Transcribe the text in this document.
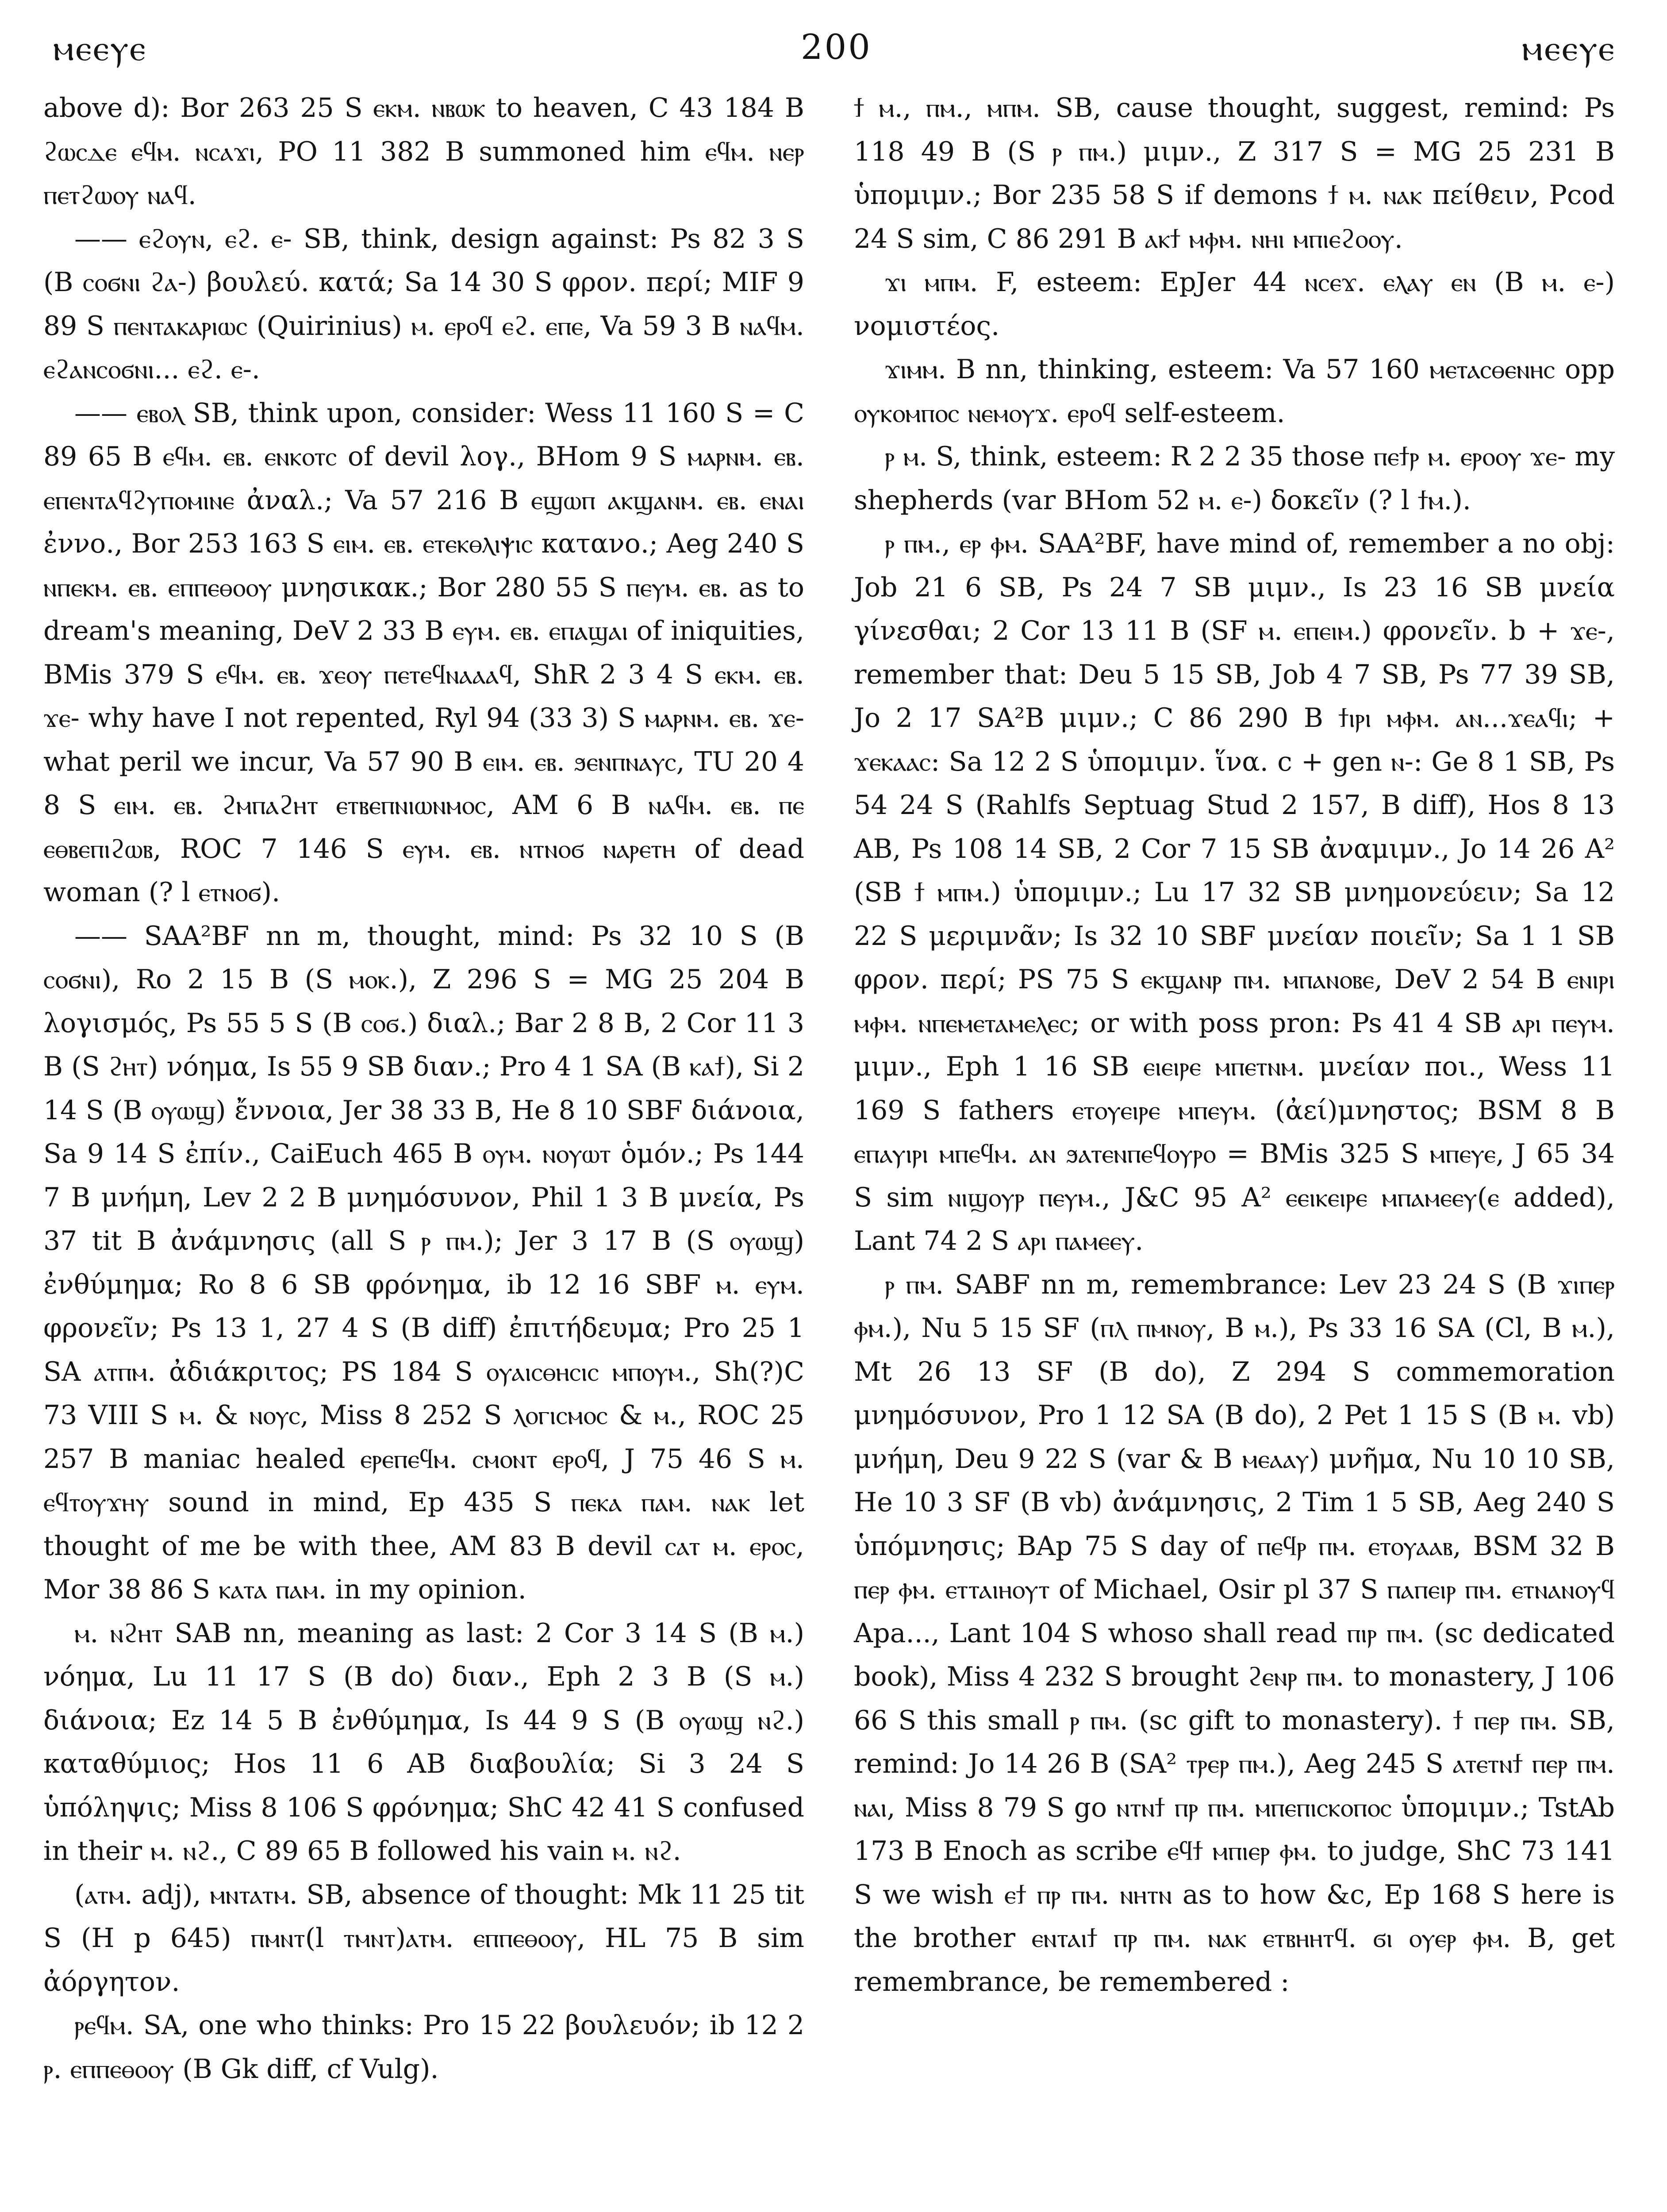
ⲙⲉⲉⲩⲉ	200	ⲙⲉⲉⲩⲉ

above d): Bor 263 25 S ⲉⲕⲙ. ⲛⲃⲱⲕ to heaven, C 43 184 B ϩⲱⲥⲇⲉ ⲉϥⲙ. ⲛⲥⲁϫⲓ, PO 11 382 B summoned him ⲉϥⲙ. ⲛⲉⲣ ⲡⲉⲧϩⲱⲟⲩ ⲛⲁϥ.

—— ⲉϩⲟⲩⲛ, ⲉϩ. ⲉ- SB, think, design against: Ps 82 3 S (B ⲥⲟϭⲛⲓ ϩⲁ-) βουλεύ. κατά; Sa 14 30 S φρον. περί; MIF 9 89 S ⲡⲉⲛⲧⲁⲕⲁⲣⲓⲱⲥ (Quirinius) ⲙ. ⲉⲣⲟϥ ⲉϩ. ⲉⲡⲉ, Va 59 3 B ⲛⲁϥⲙ. ⲉϩⲁⲛⲥⲟϭⲛⲓ... ⲉϩ. ⲉ-.

—— ⲉⲃⲟⲗ SB, think upon, consider: Wess 11 160 S = C 89 65 B ⲉϥⲙ. ⲉⲃ. ⲉⲛⲕⲟⲧⲥ of devil λογ., BHom 9 S ⲙⲁⲣⲛⲙ. ⲉⲃ. ⲉⲡⲉⲛⲧⲁϥϩⲩⲡⲟⲙⲓⲛⲉ ἀναλ.; Va 57 216 B ⲉϣⲱⲡ ⲁⲕϣⲁⲛⲙ. ⲉⲃ. ⲉⲛⲁⲓ ἐννο., Bor 253 163 S ⲉⲓⲙ. ⲉⲃ. ⲉⲧⲉⲕⲑⲗⲓⲯⲓⲥ κατανο.; Aeg 240 S ⲛⲡⲉⲕⲙ. ⲉⲃ. ⲉⲡⲡⲉⲑⲟⲟⲩ μνησικακ.; Bor 280 55 S ⲡⲉⲩⲙ. ⲉⲃ. as to dream's meaning, DeV 2 33 B ⲉⲩⲙ. ⲉⲃ. ⲉⲡⲁϣⲁⲓ of iniquities, BMis 379 S ⲉϥⲙ. ⲉⲃ. ϫⲉⲟⲩ ⲡⲉⲧⲉϥⲛⲁⲁⲁϥ, ShR 2 3 4 S ⲉⲕⲙ. ⲉⲃ. ϫⲉ- why have I not repented, Ryl 94 (33 3) S ⲙⲁⲣⲛⲙ. ⲉⲃ. ϫⲉ- what peril we incur, Va 57 90 B ⲉⲓⲙ. ⲉⲃ. ϧⲉⲛⲡⲛⲁⲩⲥ, TU 20 4 8 S ⲉⲓⲙ. ⲉⲃ. ϩⲙⲡⲁϩⲏⲧ ⲉⲧⲃⲉⲡⲛⲓⲱⲛⲙⲟⲥ, AM 6 B ⲛⲁϥⲙ. ⲉⲃ. ⲡⲉ ⲉⲑⲃⲉⲡⲓϩⲱⲃ, ROC 7 146 S ⲉⲩⲙ. ⲉⲃ. ⲛⲧⲛⲟϭ ⲛⲁⲣⲉⲧⲏ of dead woman (? l ⲉⲧⲛⲟϭ).

—— SAA²BF nn m, thought, mind: Ps 32 10 S (B ⲥⲟϭⲛⲓ), Ro 2 15 B (S ⲙⲟⲕ.), Z 296 S = MG 25 204 B λογισμός, Ps 55 5 S (B ⲥⲟϭ.) διαλ.; Bar 2 8 B, 2 Cor 11 3 B (S ϩⲏⲧ) νόημα, Is 55 9 SB διαν.; Pro 4 1 SA (B ⲕⲁϯ), Si 2 14 S (B ⲟⲩⲱϣ) ἔννοια, Jer 38 33 B, He 8 10 SBF διάνοια, Sa 9 14 S ἐπίν., CaiEuch 465 B ⲟⲩⲙ. ⲛⲟⲩⲱⲧ ὁμόν.; Ps 144 7 B μνήμη, Lev 2 2 B μνημόσυνον, Phil 1 3 B μνεία, Ps 37 tit B ἀνάμνησις (all S ⲣ ⲡⲙ.); Jer 3 17 B (S ⲟⲩⲱϣ) ἐνθύμημα; Ro 8 6 SB φρόνημα, ib 12 16 SBF ⲙ. ⲉⲩⲙ. φρονεῖν; Ps 13 1, 27 4 S (B diff) ἐπιτήδευμα; Pro 25 1 SA ⲁⲧⲡⲙ. ἀδιάκριτος; PS 184 S ⲟⲩⲁⲓⲥⲑⲏⲥⲓⲥ ⲙⲡⲟⲩⲙ., Sh(?)C 73 VIII S ⲙ. & ⲛⲟⲩⲥ, Miss 8 252 S ⲗⲟⲅⲓⲥⲙⲟⲥ & ⲙ., ROC 25 257 B maniac healed ⲉⲣⲉⲡⲉϥⲙ. ⲥⲙⲟⲛⲧ ⲉⲣⲟϥ, J 75 46 S ⲙ. ⲉϥⲧⲟⲩϫⲏⲩ sound in mind, Ep 435 S ⲡⲉⲕⲁ ⲡⲁⲙ. ⲛⲁⲕ let thought of me be with thee, AM 83 B devil ⲥⲁⲧ ⲙ. ⲉⲣⲟⲥ, Mor 38 86 S ⲕⲁⲧⲁ ⲡⲁⲙ. in my opinion.

ⲙ. ⲛϩⲏⲧ SAB nn, meaning as last: 2 Cor 3 14 S (B ⲙ.) νόημα, Lu 11 17 S (B do) διαν., Eph 2 3 B (S ⲙ.) διάνοια; Ez 14 5 B ἐνθύμημα, Is 44 9 S (B ⲟⲩⲱϣ ⲛϩ.) καταθύμιος; Hos 11 6 AB διαβουλία; Si 3 24 S ὑπόληψις; Miss 8 106 S φρόνημα; ShC 42 41 S confused in their ⲙ. ⲛϩ., C 89 65 B followed his vain ⲙ. ⲛϩ.

(ⲁⲧⲙ. adj), ⲙⲛⲧⲁⲧⲙ. SB, absence of thought: Mk 11 25 tit S (H p 645) ⲡⲙⲛⲧ(l ⲧⲙⲛⲧ)ⲁⲧⲙ. ⲉⲡⲡⲉⲑⲟⲟⲩ, HL 75 B sim ἀόργητον.

ⲣⲉϥⲙ. SA, one who thinks: Pro 15 22 βουλευόν; ib 12 2 ⲣ. ⲉⲡⲡⲉⲑⲟⲟⲩ (B Gk diff, cf Vulg).

ϯ ⲙ., ⲡⲙ., ⲙⲡⲙ. SB, cause thought, suggest, remind: Ps 118 49 B (S ⲣ ⲡⲙ.) μιμν., Z 317 S = MG 25 231 B ὑπομιμν.; Bor 235 58 S if demons ϯ ⲙ. ⲛⲁⲕ πείθειν, Pcod 24 S sim, C 86 291 B ⲁⲕϯ ⲙⲫⲙ. ⲛⲏⲓ ⲙⲡⲓⲉϩⲟⲟⲩ.

ϫⲓ ⲙⲡⲙ. F, esteem: EpJer 44 ⲛⲥⲉϫ. ⲉⲗⲁⲩ ⲉⲛ (B ⲙ. ⲉ-) νομιστέος.

ϫⲓⲙⲙ. B nn, thinking, esteem: Va 57 160 ⲙⲉⲧⲁⲥⲑⲉⲛⲏⲥ opp ⲟⲩⲕⲟⲙⲡⲟⲥ ⲛⲉⲙⲟⲩϫ. ⲉⲣⲟϥ self-esteem.

ⲣ ⲙ. S, think, esteem: R 2 2 35 those ⲡⲉϯⲣ ⲙ. ⲉⲣⲟⲟⲩ ϫⲉ- my shepherds (var BHom 52 ⲙ. ⲉ-) δοκεῖν (? l ϯⲙ.).

ⲣ ⲡⲙ., ⲉⲣ ⲫⲙ. SAA²BF, have mind of, remember a no obj: Job 21 6 SB, Ps 24 7 SB μιμν., Is 23 16 SB μνεία γίνεσθαι; 2 Cor 13 11 B (SF ⲙ. ⲉⲡⲉⲓⲙ.) φρονεῖν. b + ϫⲉ-, remember that: Deu 5 15 SB, Job 4 7 SB, Ps 77 39 SB, Jo 2 17 SA²B μιμν.; C 86 290 B ϯⲓⲣⲓ ⲙⲫⲙ. ⲁⲛ...ϫⲉⲁϥⲓ; + ϫⲉⲕⲁⲁⲥ: Sa 12 2 S ὑπομιμν. ἵνα. c + gen ⲛ-: Ge 8 1 SB, Ps 54 24 S (Rahlfs Septuag Stud 2 157, B diff), Hos 8 13 AB, Ps 108 14 SB, 2 Cor 7 15 SB ἀναμιμν., Jo 14 26 A² (SB ϯ ⲙⲡⲙ.) ὑπομιμν.; Lu 17 32 SB μνημονεύειν; Sa 12 22 S μεριμνᾶν; Is 32 10 SBF μνείαν ποιεῖν; Sa 1 1 SB φρον. περί; PS 75 S ⲉⲕϣⲁⲛⲣ ⲡⲙ. ⲙⲡⲁⲛⲟⲃⲉ, DeV 2 54 B ⲉⲛⲓⲣⲓ ⲙⲫⲙ. ⲛⲡⲉⲙⲉⲧⲁⲙⲉⲗⲉⲥ; or with poss pron: Ps 41 4 SB ⲁⲣⲓ ⲡⲉⲩⲙ. μιμν., Eph 1 16 SB ⲉⲓⲉⲓⲣⲉ ⲙⲡⲉⲧⲛⲙ. μνείαν ποι., Wess 11 169 S fathers ⲉⲧⲟⲩⲉⲓⲣⲉ ⲙⲡⲉⲩⲙ. (ἀεί)μνηστος; BSM 8 B ⲉⲡⲁⲩⲓⲣⲓ ⲙⲡⲉϥⲙ. ⲁⲛ ϧⲁⲧⲉⲛⲡⲉϥⲟⲩⲣⲟ = BMis 325 S ⲙⲡⲉⲩⲉ, J 65 34 S sim ⲛⲓϣⲟⲩⲣ ⲡⲉⲩⲙ., J&C 95 A² ⲉⲉⲓⲕⲉⲓⲣⲉ ⲙⲡⲁⲙⲉⲉⲩ(ⲉ added), Lant 74 2 S ⲁⲣⲓ ⲡⲁⲙⲉⲉⲩ.

ⲣ ⲡⲙ. SABF nn m, remembrance: Lev 23 24 S (B ϫⲓⲡⲉⲣ ⲫⲙ.), Nu 5 15 SF (ⲡⲗ ⲡⲙⲛⲟⲩ, B ⲙ.), Ps 33 16 SA (Cl, B ⲙ.), Mt 26 13 SF (B do), Z 294 S commemoration μνημόσυνον, Pro 1 12 SA (B do), 2 Pet 1 15 S (B ⲙ. vb) μνήμη, Deu 9 22 S (var & B ⲙⲉⲁⲁⲩ) μνῆμα, Nu 10 10 SB, He 10 3 SF (B vb) ἀνάμνησις, 2 Tim 1 5 SB, Aeg 240 S ὑπόμνησις; BAp 75 S day of ⲡⲉϥⲣ ⲡⲙ. ⲉⲧⲟⲩⲁⲁⲃ, BSM 32 B ⲡⲉⲣ ⲫⲙ. ⲉⲧⲧⲁⲓⲏⲟⲩⲧ of Michael, Osir pl 37 S ⲡⲁⲡⲉⲓⲣ ⲡⲙ. ⲉⲧⲛⲁⲛⲟⲩϥ Apa..., Lant 104 S whoso shall read ⲡⲓⲣ ⲡⲙ. (sc dedicated book), Miss 4 232 S brought ϩⲉⲛⲣ ⲡⲙ. to monastery, J 106 66 S this small ⲣ ⲡⲙ. (sc gift to monastery). ϯ ⲡⲉⲣ ⲡⲙ. SB, remind: Jo 14 26 B (SA² ⲧⲣⲉⲣ ⲡⲙ.), Aeg 245 S ⲁⲧⲉⲧⲛϯ ⲡⲉⲣ ⲡⲙ. ⲛⲁⲓ, Miss 8 79 S go ⲛⲧⲛϯ ⲡⲣ ⲡⲙ. ⲙⲡⲉⲡⲓⲥⲕⲟⲡⲟⲥ ὑπομιμν.; TstAb 173 B Enoch as scribe ⲉϥϯ ⲙⲡⲓⲉⲣ ⲫⲙ. to judge, ShC 73 141 S we wish ⲉϯ ⲡⲣ ⲡⲙ. ⲛⲏⲧⲛ as to how &c, Ep 168 S here is the brother ⲉⲛⲧⲁⲓϯ ⲡⲣ ⲡⲙ. ⲛⲁⲕ ⲉⲧⲃⲏⲏⲧϥ. ϭⲓ ⲟⲩⲉⲣ ⲫⲙ. B, get remembrance, be remembered :
